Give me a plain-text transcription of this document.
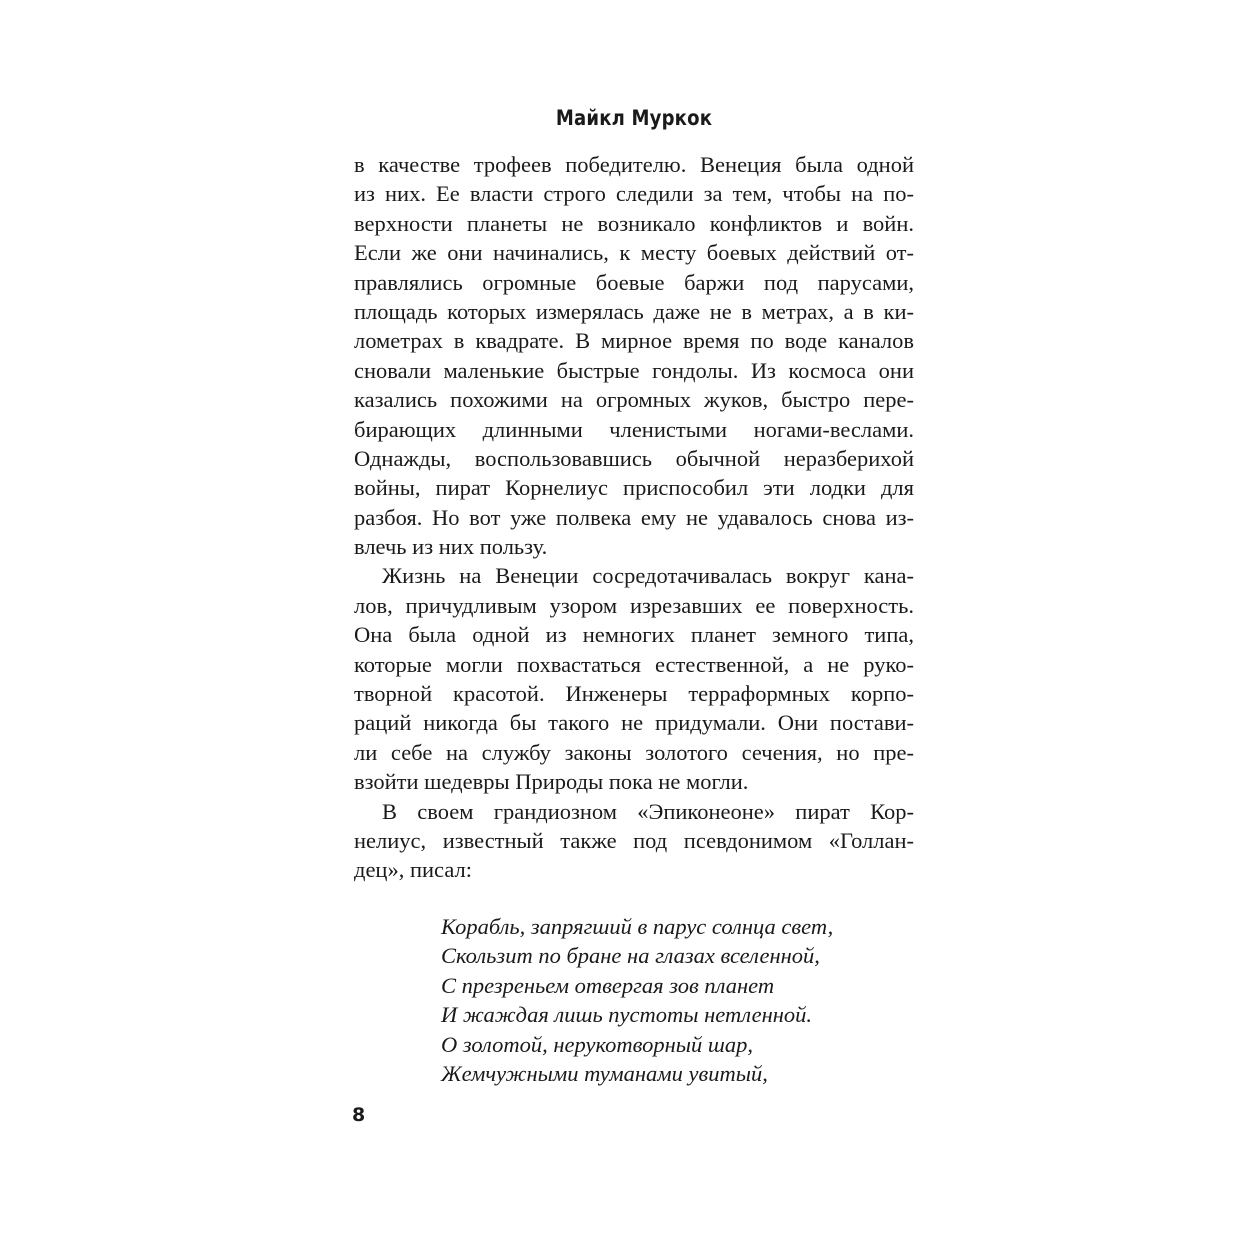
Майкл Муркок
в качестве трофеев победителю. Венеция была одной
из них. Ее власти строго следили за тем, чтобы на по-
верхности планеты не возникало конфликтов и войн.
Если же они начинались, к месту боевых действий от-
правлялись огромные боевые баржи под парусами,
площадь которых измерялась даже не в метрах, а в ки-
лометрах в квадрате. В мирное время по воде каналов
сновали маленькие быстрые гондолы. Из космоса они
казались похожими на огромных жуков, быстро пере-
бирающих длинными членистыми ногами-веслами.
Однажды, воспользовавшись обычной неразберихой
войны, пират Корнелиус приспособил эти лодки для
разбоя. Но вот уже полвека ему не удавалось снова из-
влечь из них пользу.
Жизнь на Венеции сосредотачивалась вокруг кана-
лов, причудливым узором изрезавших ее поверхность.
Она была одной из немногих планет земного типа,
которые могли похвастаться естественной, а не руко-
творной красотой. Инженеры терраформных корпо-
раций никогда бы такого не придумали. Они постави-
ли себе на службу законы золотого сечения, но пре-
взойти шедевры Природы пока не могли.
В своем грандиозном «Эпиконеоне» пират Кор-
нелиус, известный также под псевдонимом «Голлан-
дец», писал:
Корабль, запрягший в парус солнца свет,
Скользит по бране на глазах вселенной,
С презреньем отвергая зов планет
И жаждая лишь пустоты нетленной.
О золотой, нерукотворный шар,
Жемчужными туманами увитый,
8
